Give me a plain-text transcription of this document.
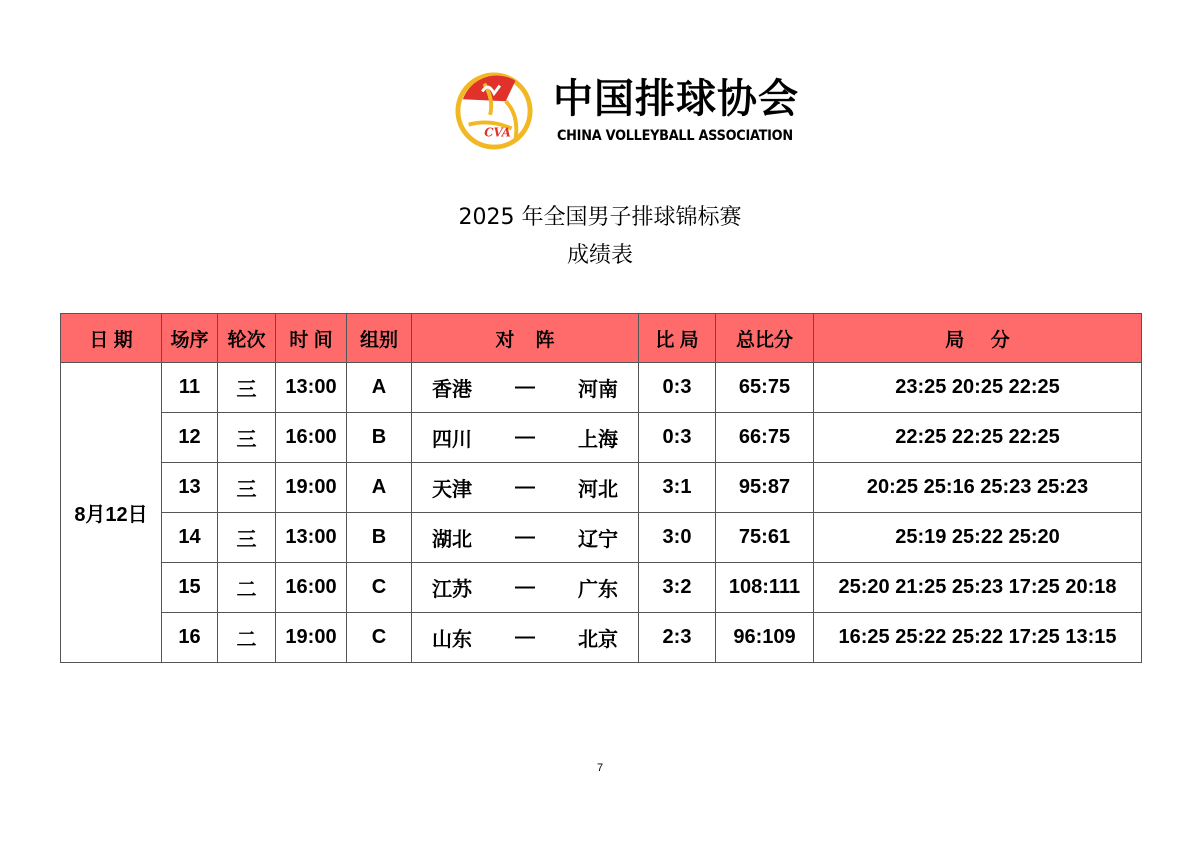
CVA
中国排球协会
CHINA VOLLEYBALL ASSOCIATION
2025 年全国男子排球锦标赛
成绩表
日 期	场序	轮次	时 间	组别	对    阵	比 局	总比分	局     分
8月12日	11	三	13:00	A	香港 — 河南	0:3	65:75	23:25 20:25 22:25
	12	三	16:00	B	四川 — 上海	0:3	66:75	22:25 22:25 22:25
	13	三	19:00	A	天津 — 河北	3:1	95:87	20:25 25:16 25:23 25:23
	14	三	13:00	B	湖北 — 辽宁	3:0	75:61	25:19 25:22 25:20
	15	二	16:00	C	江苏 — 广东	3:2	108:111	25:20 21:25 25:23 17:25 20:18
	16	二	19:00	C	山东 — 北京	2:3	96:109	16:25 25:22 25:22 17:25 13:15
7
